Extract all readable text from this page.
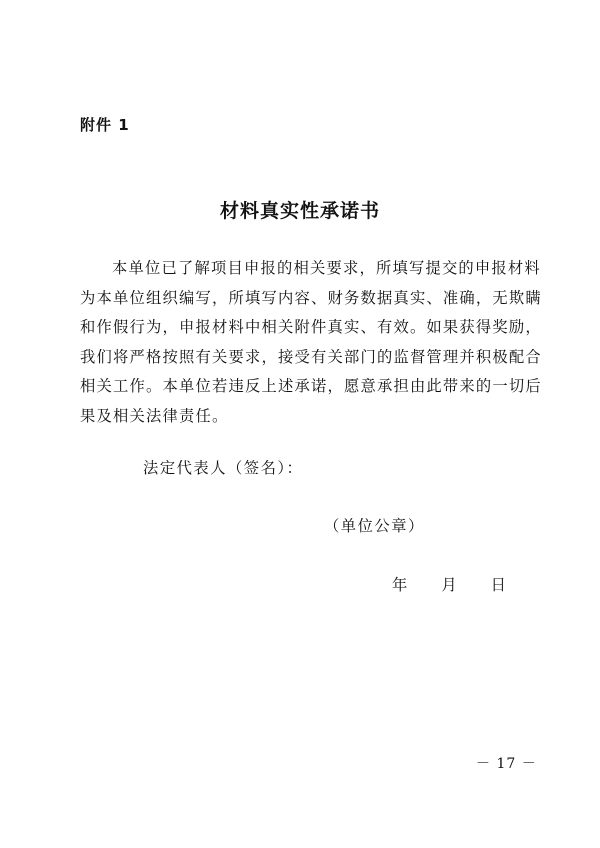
附件 1
材料真实性承诺书

本单位已了解项目申报的相关要求，所填写提交的申报材料
为本单位组织编写，所填写内容、财务数据真实、准确，无欺瞒
和作假行为，申报材料中相关附件真实、有效。如果获得奖励，
我们将严格按照有关要求，接受有关部门的监督管理并积极配合
相关工作。本单位若违反上述承诺，愿意承担由此带来的一切后
果及相关法律责任。

法定代表人（签名）：
（单位公章）
年 月 日
－ 17 －
